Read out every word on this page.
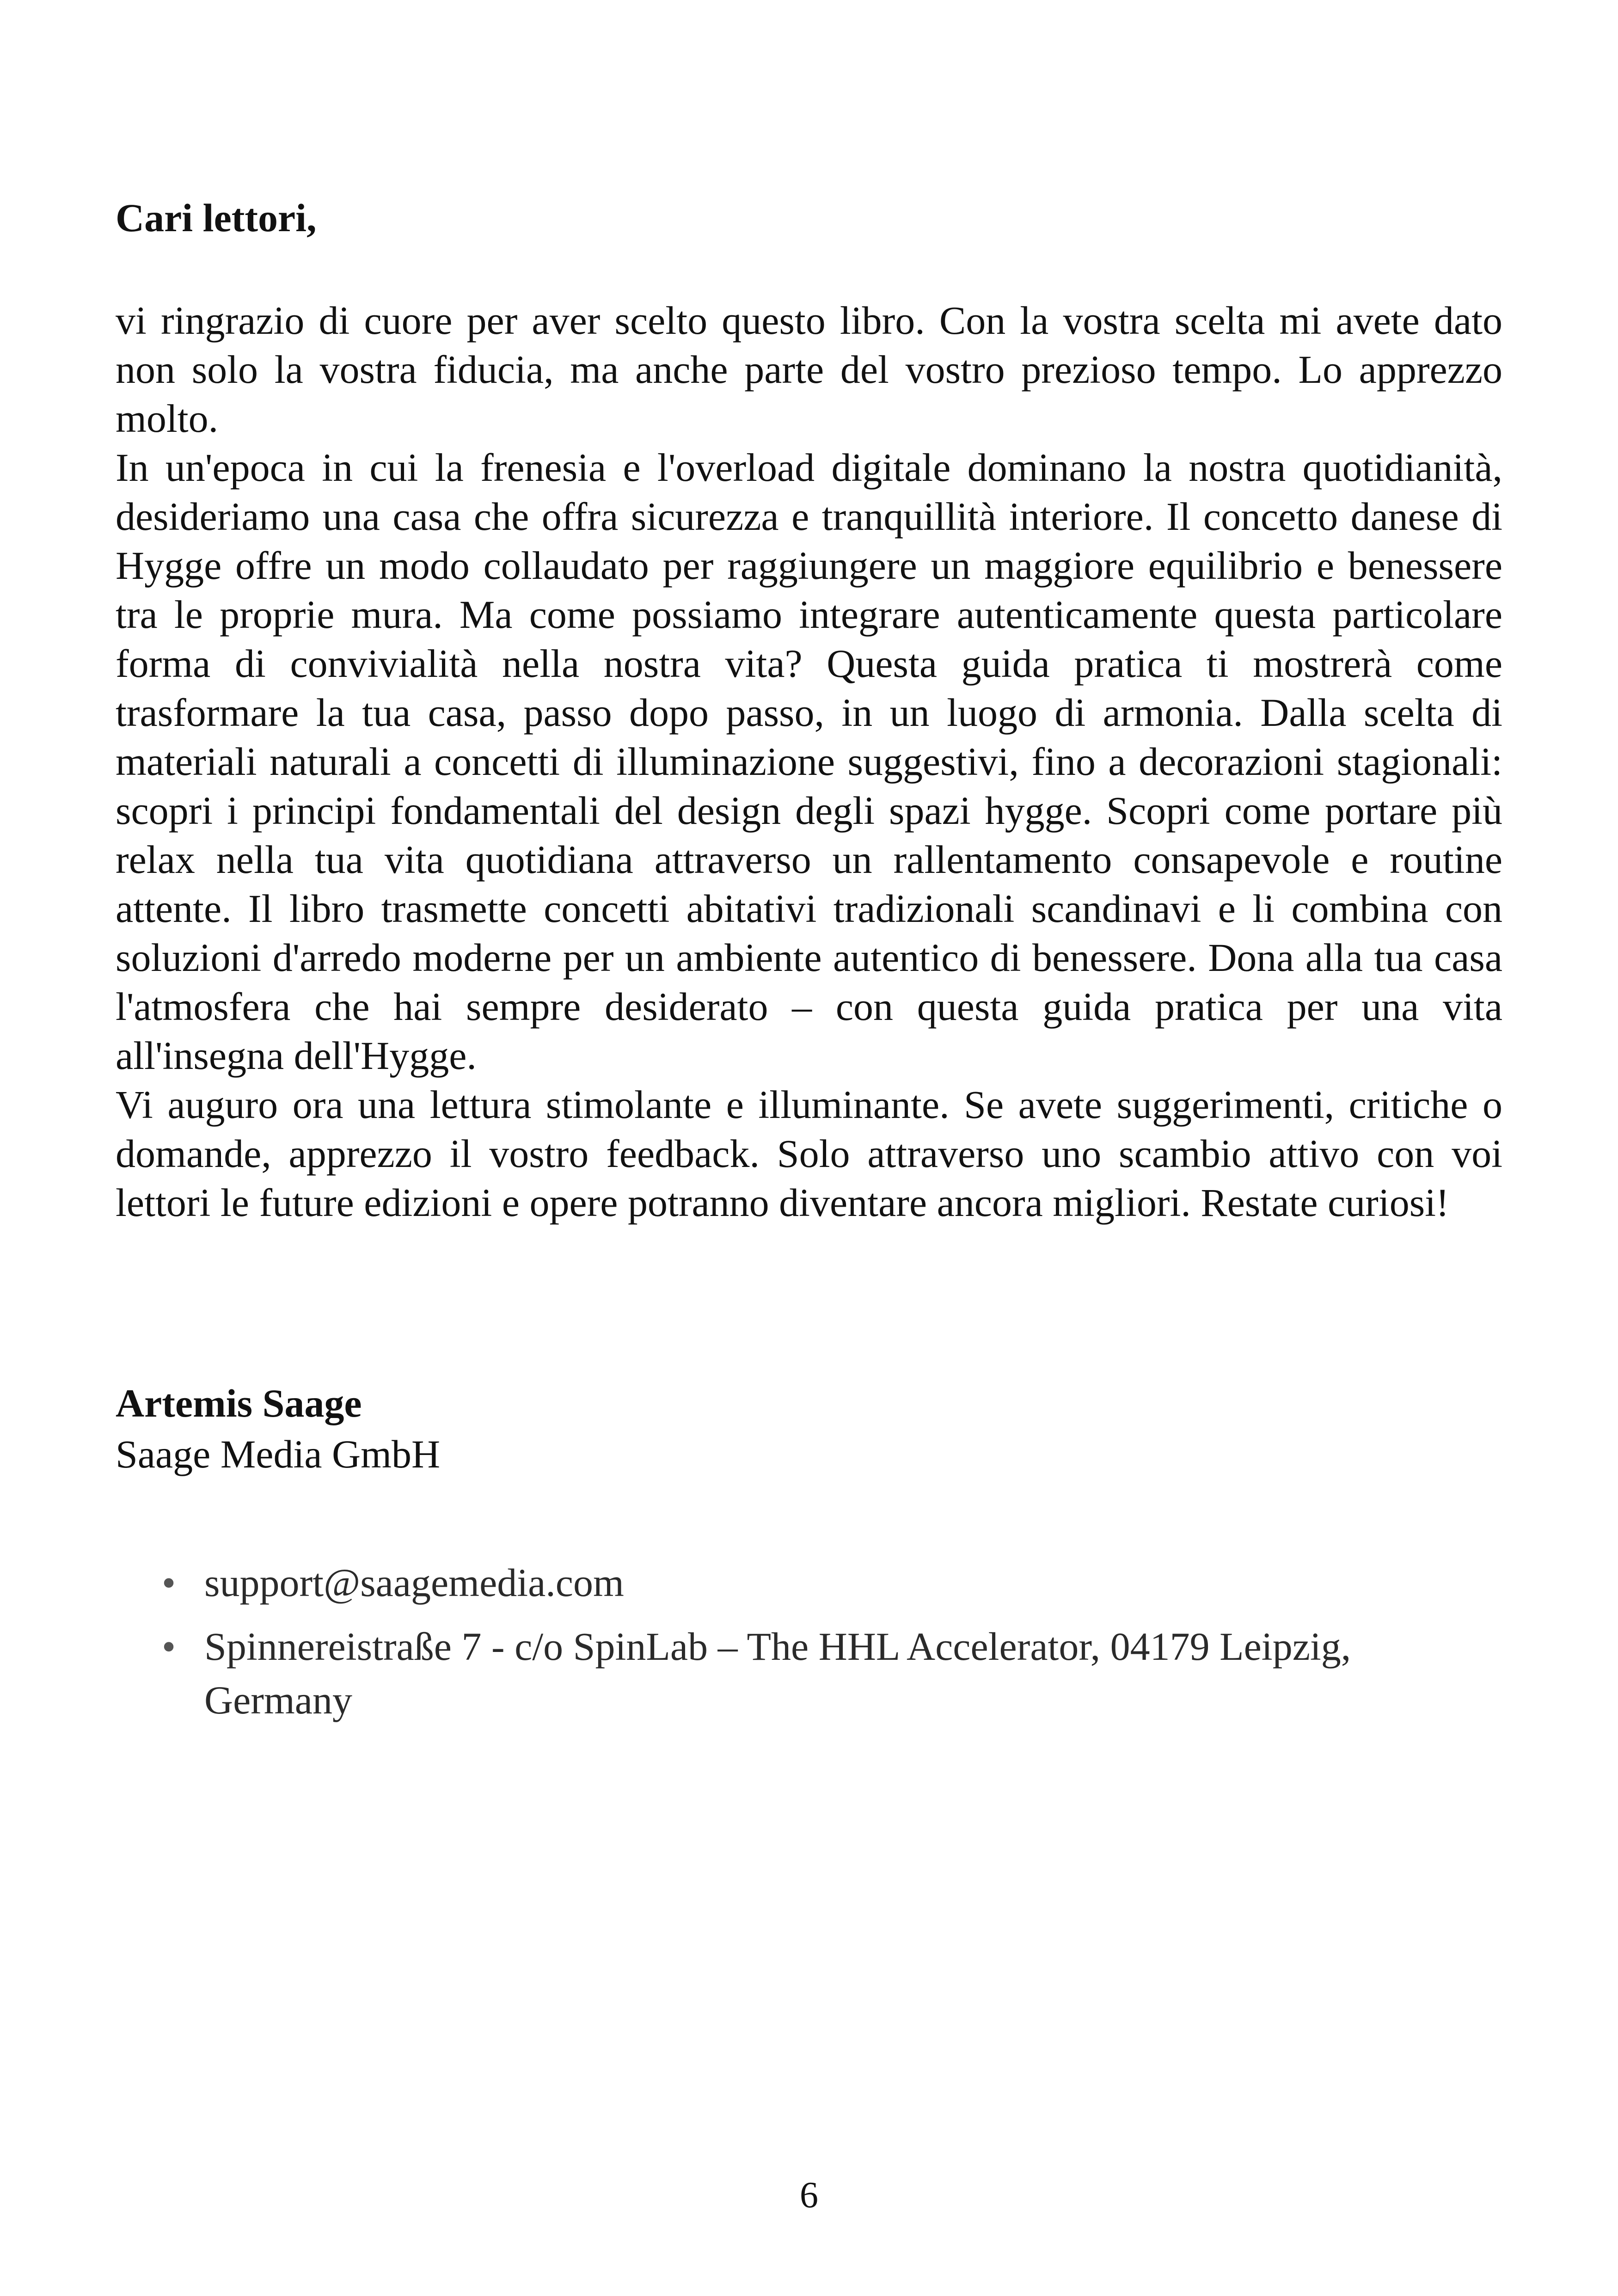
Cari lettori,

vi ringrazio di cuore per aver scelto questo libro. Con la vostra scelta mi avete dato non solo la vostra fiducia, ma anche parte del vostro prezioso tempo. Lo apprezzo molto.

In un'epoca in cui la frenesia e l'overload digitale dominano la nostra quotidianità, desideriamo una casa che offra sicurezza e tranquillità interiore. Il concetto danese di Hygge offre un modo collaudato per raggiungere un maggiore equilibrio e benessere tra le proprie mura. Ma come possiamo integrare autenticamente questa particolare forma di convivialità nella nostra vita? Questa guida pratica ti mostrerà come trasformare la tua casa, passo dopo passo, in un luogo di armonia. Dalla scelta di materiali naturali a concetti di illuminazione suggestivi, fino a decorazioni stagionali: scopri i principi fondamentali del design degli spazi hygge. Scopri come portare più relax nella tua vita quotidiana attraverso un rallentamento consapevole e routine attente. Il libro trasmette concetti abitativi tradizionali scandinavi e li combina con soluzioni d'arredo moderne per un ambiente autentico di benessere. Dona alla tua casa l'atmosfera che hai sempre desiderato – con questa guida pratica per una vita all'insegna dell'Hygge.

Vi auguro ora una lettura stimolante e illuminante. Se avete suggerimenti, critiche o domande, apprezzo il vostro feedback. Solo attraverso uno scambio attivo con voi lettori le future edizioni e opere potranno diventare ancora migliori. Restate curiosi!

Artemis Saage
Saage Media GmbH
• support@saagemedia.com
• Spinnereistraße 7 - c/o SpinLab – The HHL Accelerator, 04179 Leipzig, Germany
6
